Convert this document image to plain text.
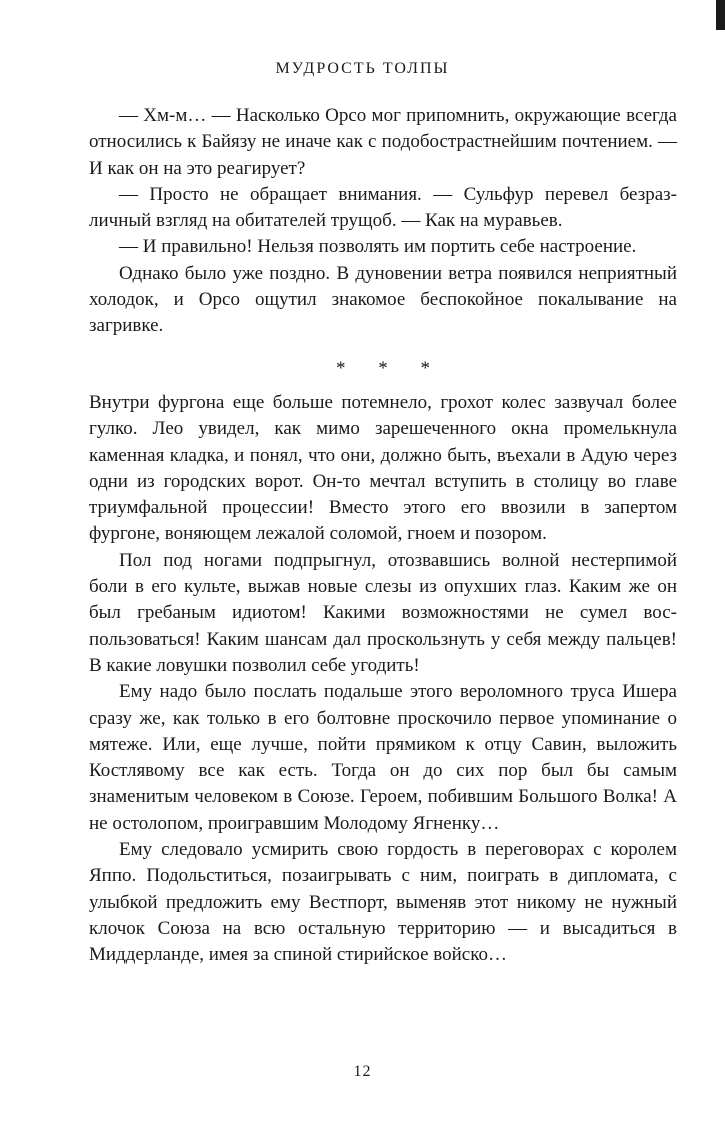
МУДРОСТЬ ТОЛПЫ

— Хм-м… — Насколько Орсо мог припомнить, окружающие всегда относились к Байязу не иначе как с подобострастнейшим почтением. — И как он на это реагирует?

— Просто не обращает внимания. — Сульфур перевел безразличный взгляд на обитателей трущоб. — Как на муравьев.

— И правильно! Нельзя позволять им портить себе настроение.

Однако было уже поздно. В дуновении ветра появился неприятный холодок, и Орсо ощутил знакомое беспокойное покалывание на загривке.

* * *

Внутри фургона еще больше потемнело, грохот колес зазвучал более гулко. Лео увидел, как мимо зарешеченного окна промелькнула каменная кладка, и понял, что они, должно быть, въехали в Адую через одни из городских ворот. Он-то мечтал вступить в столицу во главе триумфальной процессии! Вместо этого его ввозили в запертом фургоне, воняющем лежалой соломой, гноем и позором.

Пол под ногами подпрыгнул, отозвавшись волной нестерпимой боли в его культе, выжав новые слезы из опухших глаз. Каким же он был гребаным идиотом! Какими возможностями не сумел воспользоваться! Каким шансам дал проскользнуть у себя между пальцев! В какие ловушки позволил себе угодить!

Ему надо было послать подальше этого вероломного труса Ишера сразу же, как только в его болтовне проскочило первое упоминание о мятеже. Или, еще лучше, пойти прямиком к отцу Савин, выложить Костлявому все как есть. Тогда он до сих пор был бы самым знаменитым человеком в Союзе. Героем, побившим Большого Волка! А не остолопом, проигравшим Молодому Ягненку…

Ему следовало усмирить свою гордость в переговорах с королем Яппо. Подольститься, позаигрывать с ним, поиграть в дипломата, с улыбкой предложить ему Вестпорт, выменяв этот никому не нужный клочок Союза на всю остальную территорию — и высадиться в Миддерланде, имея за спиной стирийское войско…

12
